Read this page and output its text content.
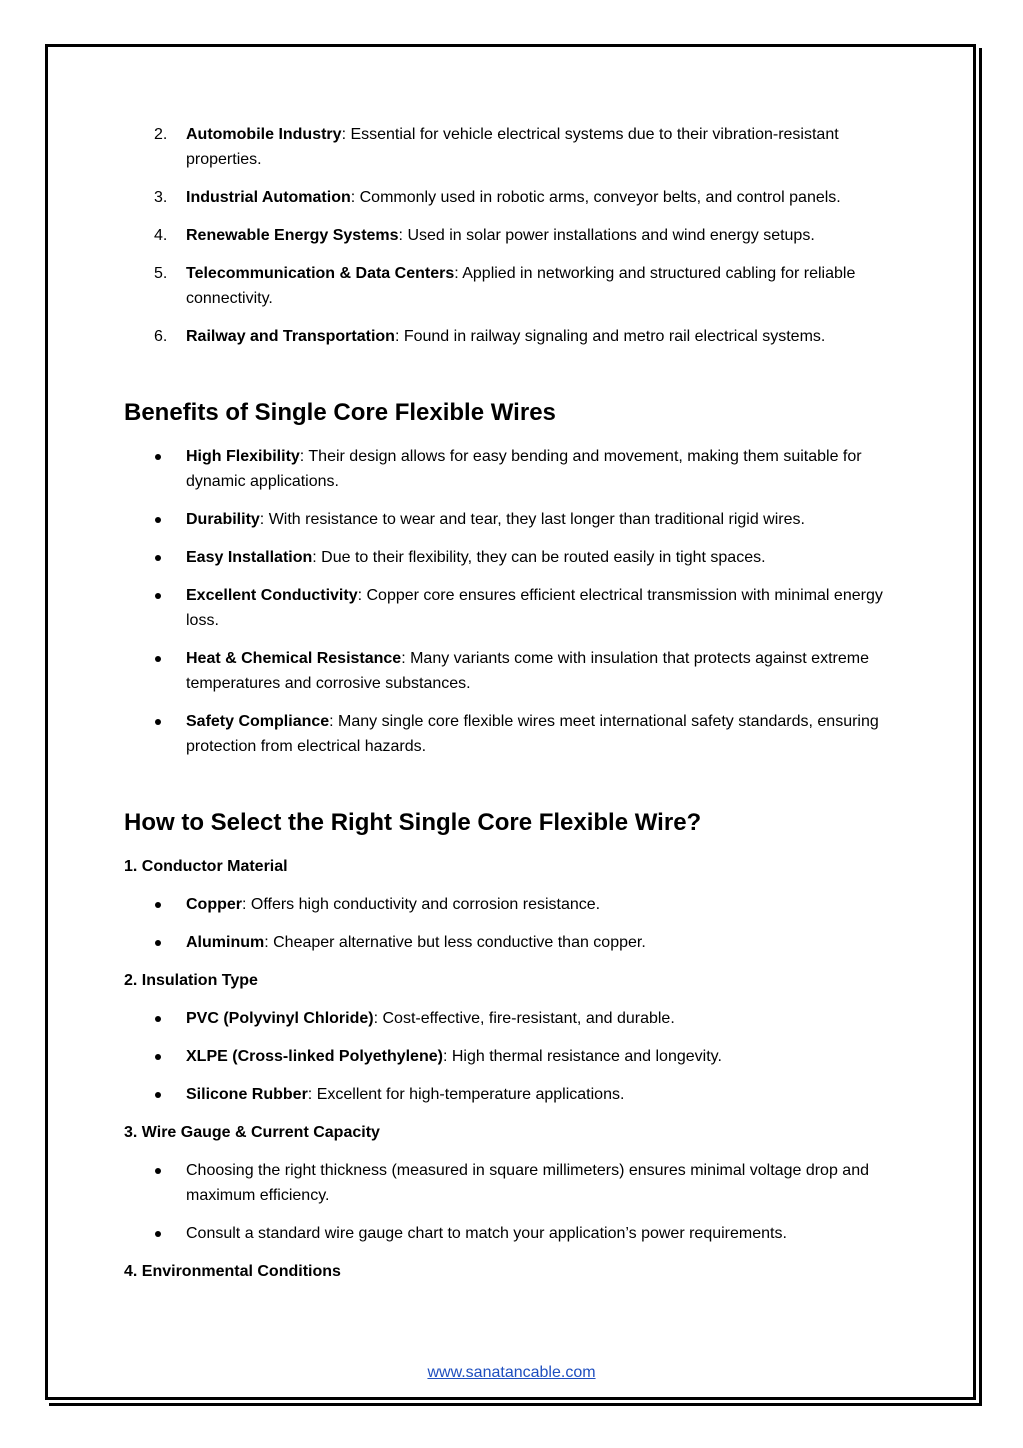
2. Automobile Industry: Essential for vehicle electrical systems due to their vibration-resistant properties.
3. Industrial Automation: Commonly used in robotic arms, conveyor belts, and control panels.
4. Renewable Energy Systems: Used in solar power installations and wind energy setups.
5. Telecommunication & Data Centers: Applied in networking and structured cabling for reliable connectivity.
6. Railway and Transportation: Found in railway signaling and metro rail electrical systems.
Benefits of Single Core Flexible Wires
High Flexibility: Their design allows for easy bending and movement, making them suitable for dynamic applications.
Durability: With resistance to wear and tear, they last longer than traditional rigid wires.
Easy Installation: Due to their flexibility, they can be routed easily in tight spaces.
Excellent Conductivity: Copper core ensures efficient electrical transmission with minimal energy loss.
Heat & Chemical Resistance: Many variants come with insulation that protects against extreme temperatures and corrosive substances.
Safety Compliance: Many single core flexible wires meet international safety standards, ensuring protection from electrical hazards.
How to Select the Right Single Core Flexible Wire?
1. Conductor Material
Copper: Offers high conductivity and corrosion resistance.
Aluminum: Cheaper alternative but less conductive than copper.
2. Insulation Type
PVC (Polyvinyl Chloride): Cost-effective, fire-resistant, and durable.
XLPE (Cross-linked Polyethylene): High thermal resistance and longevity.
Silicone Rubber: Excellent for high-temperature applications.
3. Wire Gauge & Current Capacity
Choosing the right thickness (measured in square millimeters) ensures minimal voltage drop and maximum efficiency.
Consult a standard wire gauge chart to match your application’s power requirements.
4. Environmental Conditions
www.sanatancable.com
